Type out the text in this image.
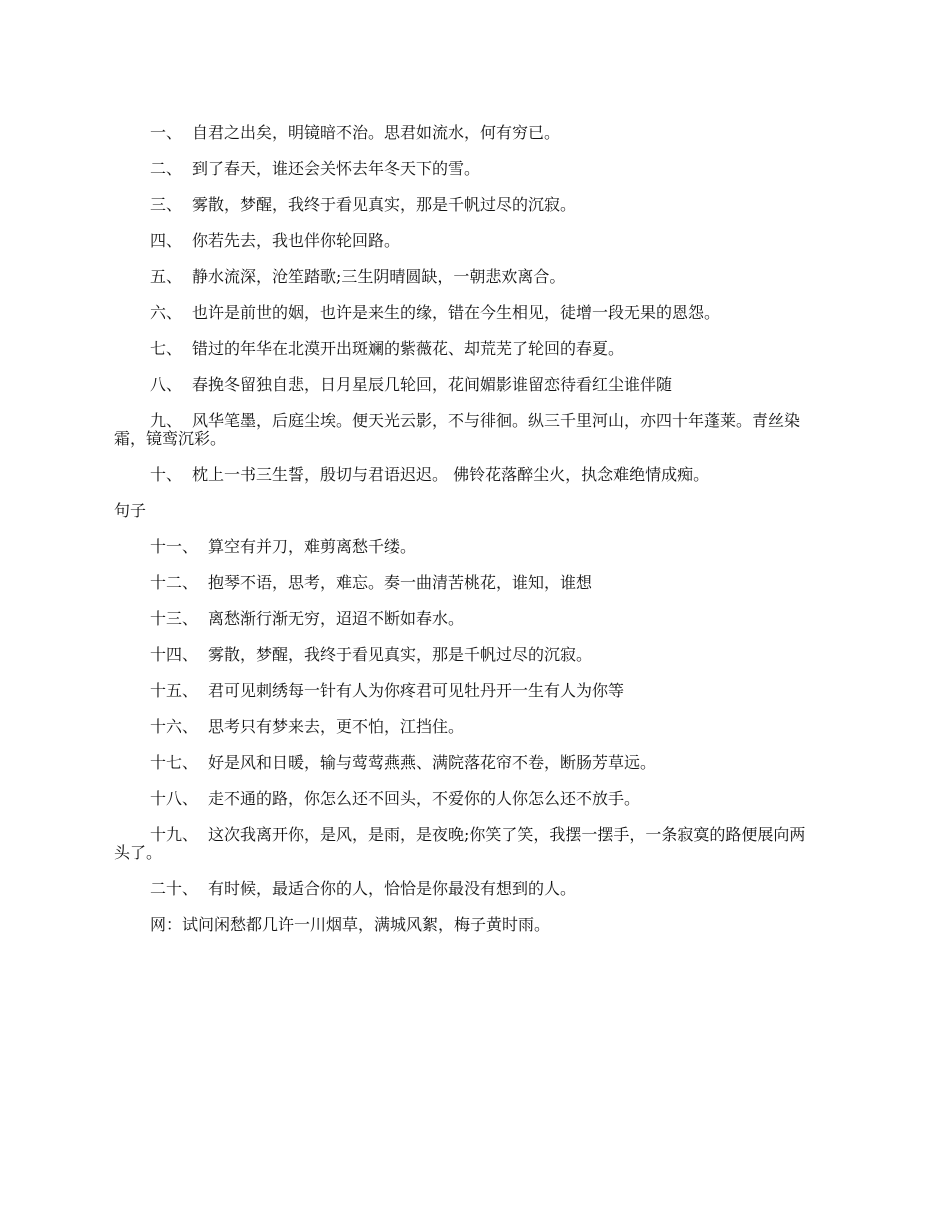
一、 自君之出矣，明镜暗不治。思君如流水，何有穷已。

二、 到了春天，谁还会关怀去年冬天下的雪。

三、 雾散，梦醒，我终于看见真实，那是千帆过尽的沉寂。

四、 你若先去，我也伴你轮回路。

五、 静水流深，沧笙踏歌;三生阴晴圆缺，一朝悲欢离合。

六、 也许是前世的姻，也许是来生的缘，错在今生相见，徒增一段无果的恩怨。

七、 错过的年华在北漠开出斑斓的紫薇花、却荒芜了轮回的春夏。

八、 春挽冬留独自悲，日月星辰几轮回，花间媚影谁留恋待看红尘谁伴随

九、 风华笔墨，后庭尘埃。便天光云影，不与徘徊。纵三千里河山，亦四十年蓬莱。青丝染霜，镜鸾沉彩。

十、 枕上一书三生誓，殷切与君语迟迟。 佛铃花落醉尘火，执念难绝情成痴。

句子

十一、 算空有并刀，难剪离愁千缕。

十二、 抱琴不语，思考，难忘。奏一曲清苦桃花，谁知，谁想

十三、 离愁渐行渐无穷，迢迢不断如春水。

十四、 雾散，梦醒，我终于看见真实，那是千帆过尽的沉寂。

十五、 君可见刺绣每一针有人为你疼君可见牡丹开一生有人为你等

十六、 思考只有梦来去，更不怕，江挡住。

十七、 好是风和日暖，输与莺莺燕燕、满院落花帘不卷，断肠芳草远。

十八、 走不通的路，你怎么还不回头，不爱你的人你怎么还不放手。

十九、 这次我离开你，是风，是雨，是夜晚;你笑了笑，我摆一摆手，一条寂寞的路便展向两头了。

二十、 有时候，最适合你的人，恰恰是你最没有想到的人。

网：试问闲愁都几许一川烟草，满城风絮，梅子黄时雨。
